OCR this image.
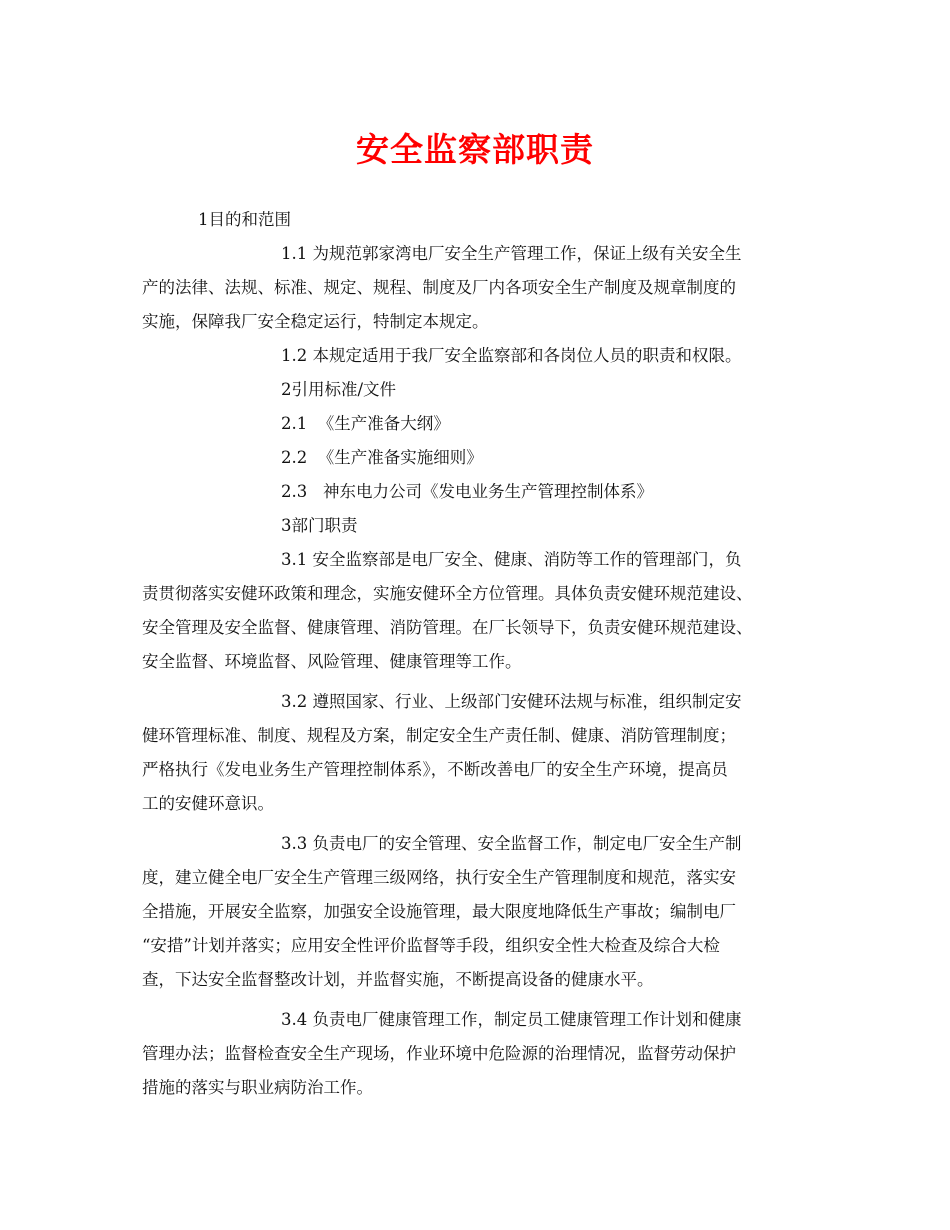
安全监察部职责
1目的和范围
1.1 为规范郭家湾电厂安全生产管理工作，保证上级有关安全生
产的法律、法规、标准、规定、规程、制度及厂内各项安全生产制度及规章制度的
实施，保障我厂安全稳定运行，特制定本规定。
1.2 本规定适用于我厂安全监察部和各岗位人员的职责和权限。
2引用标准/文件
2.1  《生产准备大纲》
2.2  《生产准备实施细则》
2.3   神东电力公司《发电业务生产管理控制体系》
3部门职责
3.1 安全监察部是电厂安全、健康、消防等工作的管理部门，负
责贯彻落实安健环政策和理念，实施安健环全方位管理。具体负责安健环规范建设、
安全管理及安全监督、健康管理、消防管理。在厂长领导下，负责安健环规范建设、
安全监督、环境监督、风险管理、健康管理等工作。
3.2 遵照国家、行业、上级部门安健环法规与标准，组织制定安
健环管理标准、制度、规程及方案，制定安全生产责任制、健康、消防管理制度；
严格执行《发电业务生产管理控制体系》，不断改善电厂的安全生产环境，提高员
工的安健环意识。
3.3 负责电厂的安全管理、安全监督工作，制定电厂安全生产制
度，建立健全电厂安全生产管理三级网络，执行安全生产管理制度和规范，落实安
全措施，开展安全监察，加强安全设施管理，最大限度地降低生产事故；编制电厂
“安措”计划并落实；应用安全性评价监督等手段，组织安全性大检查及综合大检
查，下达安全监督整改计划，并监督实施，不断提高设备的健康水平。
3.4 负责电厂健康管理工作，制定员工健康管理工作计划和健康
管理办法；监督检查安全生产现场，作业环境中危险源的治理情况，监督劳动保护
措施的落实与职业病防治工作。
